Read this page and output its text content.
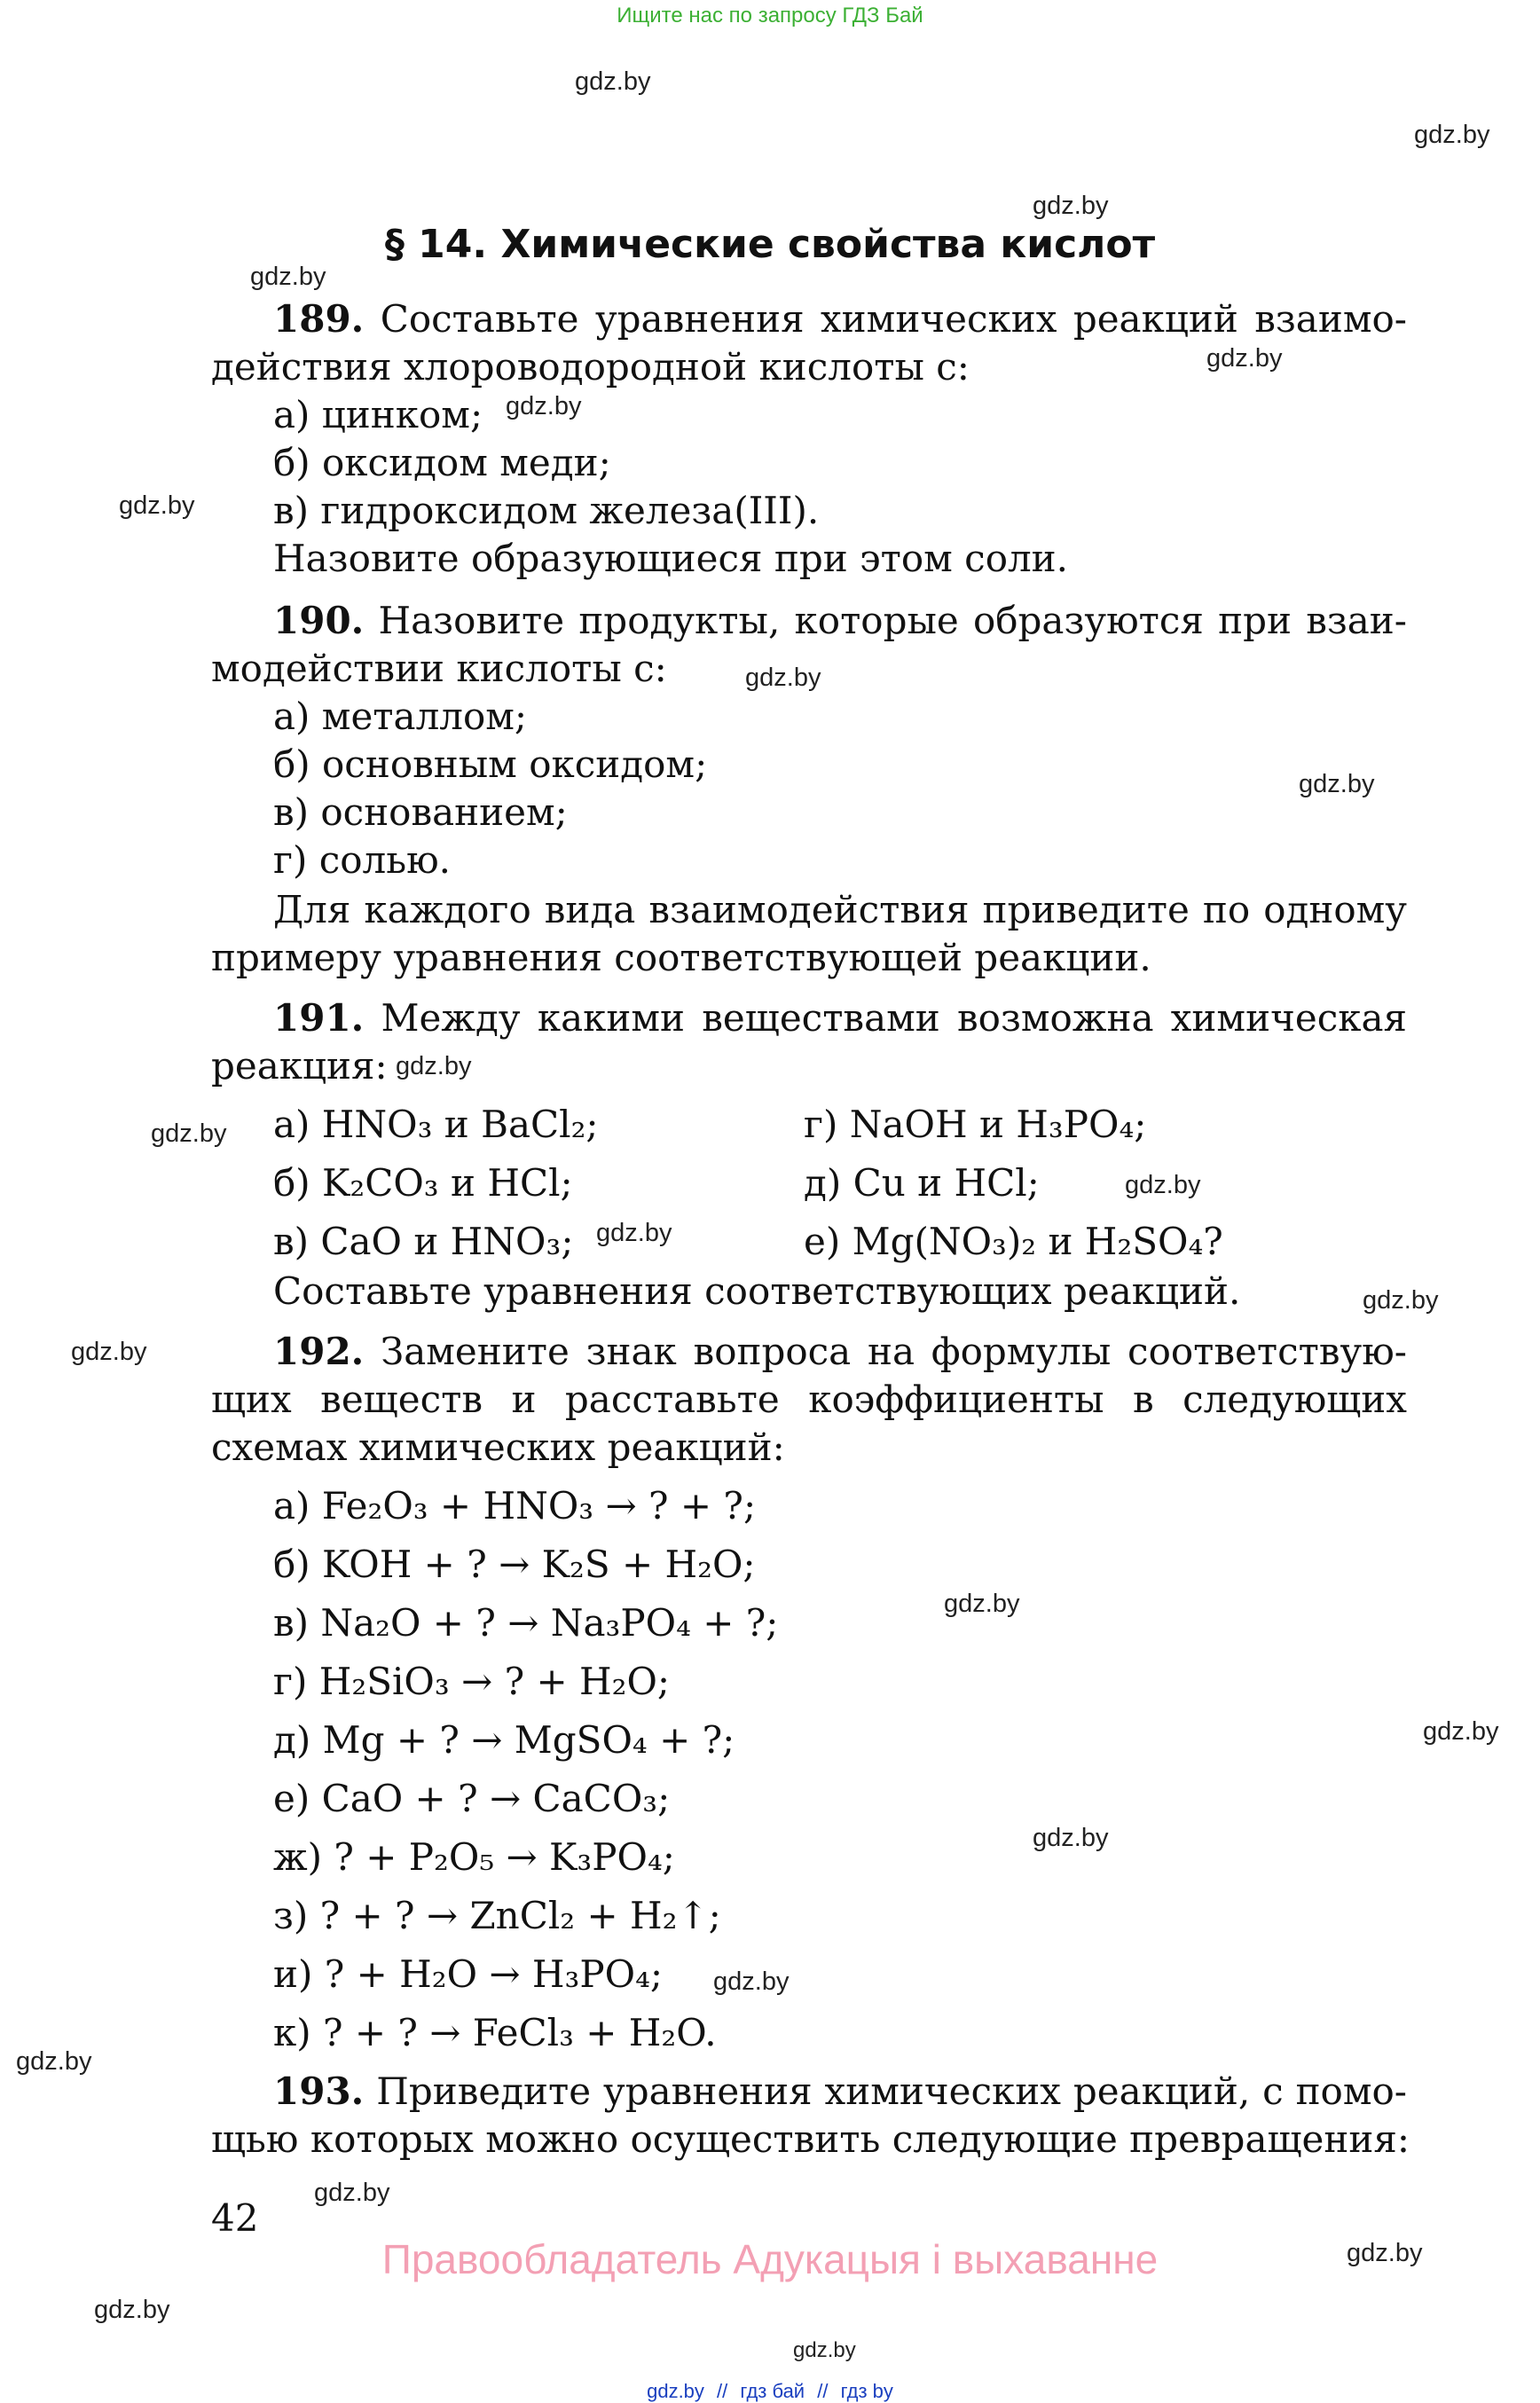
Ищите нас по запросу ГДЗ Бай
gdz.by
gdz.by
gdz.by
gdz.by
gdz.by
gdz.by
gdz.by
gdz.by
gdz.by
gdz.by
gdz.by
gdz.by
gdz.by
gdz.by
gdz.by
gdz.by
gdz.by
gdz.by
gdz.by
gdz.by
gdz.by
gdz.by
gdz.by
gdz.by
§ 14. Химические свойства кислот
189. Составьте уравнения химических реакций взаимо-
действия хлороводородной кислоты с:
а) цинком;
б) оксидом меди;
в) гидроксидом железа(III).
Назовите образующиеся при этом соли.
190. Назовите продукты, которые образуются при взаи-
модействии кислоты с:
а) металлом;
б) основным оксидом;
в) основанием;
г) солью.
Для каждого вида взаимодействия приведите по одному
примеру уравнения соответствующей реакции.
191. Между какими веществами возможна химическая
реакция:
а) HNO₃ и BaCl₂;
б) K₂CO₃ и HCl;
в) CaO и HNO₃;
г) NaOH и H₃PO₄;
д) Cu и HCl;
е) Mg(NO₃)₂ и H₂SO₄?
Составьте уравнения соответствующих реакций.
192. Замените знак вопроса на формулы соответствую-
щих веществ и расставьте коэффициенты в следующих
схемах химических реакций:
а) Fe₂O₃ + HNO₃ → ? + ?;
б) KOH + ? → K₂S + H₂O;
в) Na₂O + ? → Na₃PO₄ + ?;
г) H₂SiO₃ → ? + H₂O;
д) Mg + ? → MgSO₄ + ?;
е) CaO + ? → CaCO₃;
ж) ? + P₂O₅ → K₃PO₄;
з) ? + ? → ZnCl₂ + H₂↑;
и) ? + H₂O → H₃PO₄;
к) ? + ? → FeCl₃ + H₂O.
193. Приведите уравнения химических реакций, с помо-
щью которых можно осуществить следующие превращения:
42
Правообладатель Адукацыя і выхаванне
gdz.by // гдз бай // гдз by
